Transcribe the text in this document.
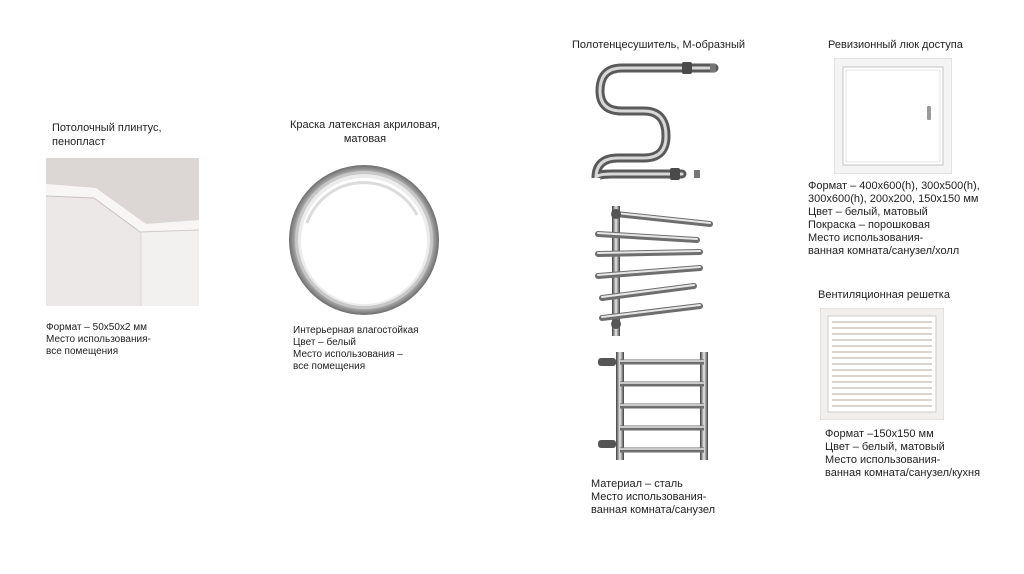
Потолочный плинтус,
пенопласт
Формат – 50х50х2 мм
Место использования-
все помещения
Краска латексная акриловая,
матовая
Интерьерная влагостойкая
Цвет – белый
Место использования –
все помещения
Полотенцесушитель, М-образный
Материал – сталь
Место использования-
ванная комната/санузел
Ревизионный люк доступа
Формат – 400х600(h), 300х500(h),
300х600(h), 200х200, 150х150 мм
Цвет – белый, матовый
Покраска – порошковая
Место использования-
ванная комната/санузел/холл
Вентиляционная решетка
Формат –150х150 мм
Цвет – белый, матовый
Место использования-
ванная комната/санузел/кухня
